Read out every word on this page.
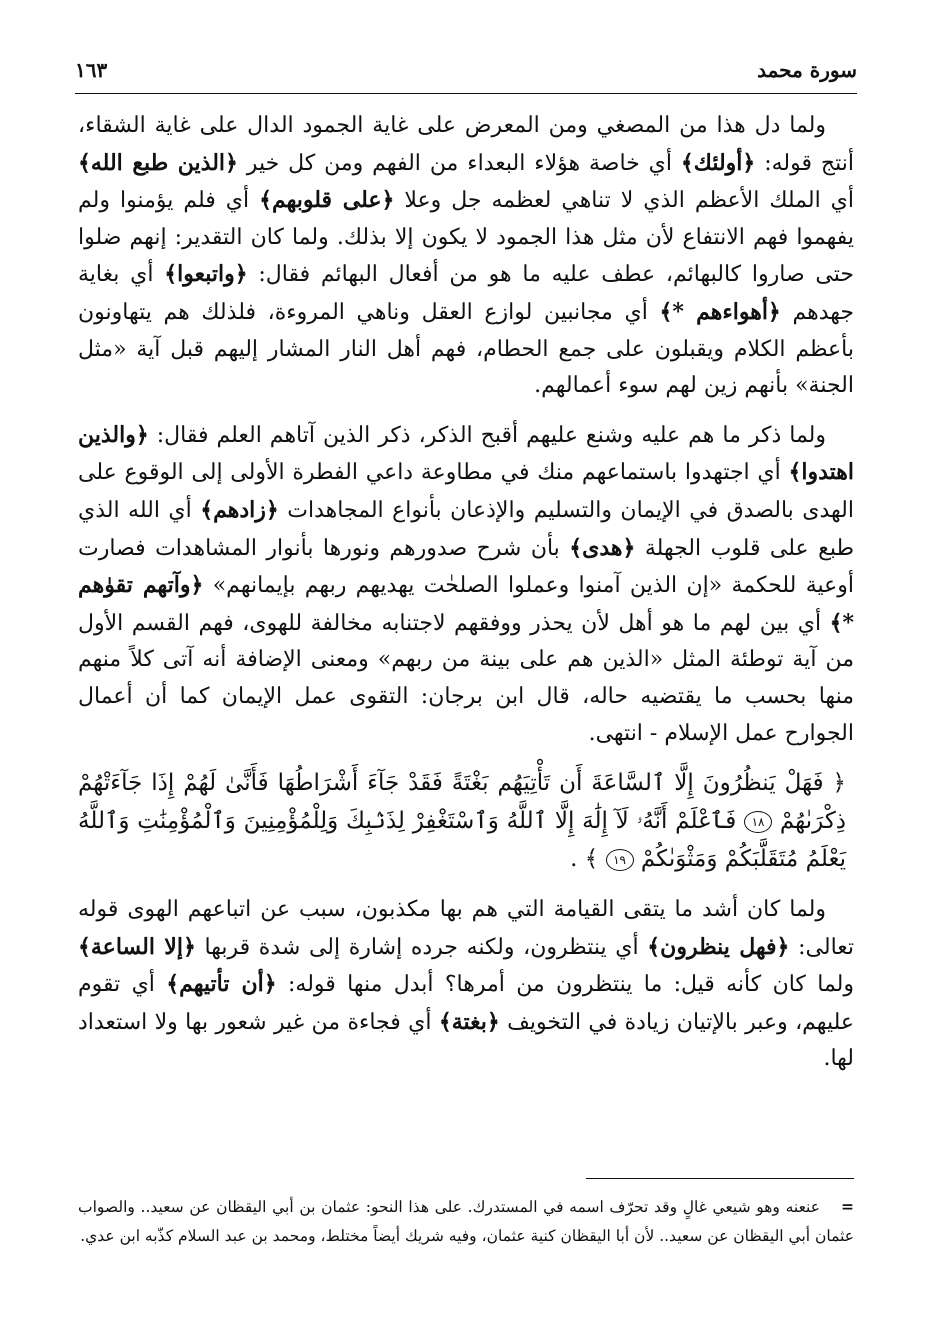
سورة محمد
١٦٣

ولما دل هذا من المصغي ومن المعرض على غاية الجمود الدال على غاية الشقاء، أنتج قوله: ﴿أولئك﴾ أي خاصة هؤلاء البعداء من الفهم ومن كل خير ﴿الذين طبع الله﴾ أي الملك الأعظم الذي لا تناهي لعظمه جل وعلا ﴿على قلوبهم﴾ أي فلم يؤمنوا ولم يفهموا فهم الانتفاع لأن مثل هذا الجمود لا يكون إلا بذلك. ولما كان التقدير: إنهم ضلوا حتى صاروا كالبهائم، عطف عليه ما هو من أفعال البهائم فقال: ﴿واتبعوا﴾ أي بغاية جهدهم ﴿أهواءهم *﴾ أي مجانبين لوازع العقل وناهي المروءة، فلذلك هم يتهاونون بأعظم الكلام ويقبلون على جمع الحطام، فهم أهل النار المشار إليهم قبل آية «مثل الجنة» بأنهم زين لهم سوء أعمالهم.

ولما ذكر ما هم عليه وشنع عليهم أقبح الذكر، ذكر الذين آتاهم العلم فقال: ﴿والذين اهتدوا﴾ أي اجتهدوا باستماعهم منك في مطاوعة داعي الفطرة الأولى إلى الوقوع على الهدى بالصدق في الإيمان والتسليم والإذعان بأنواع المجاهدات ﴿زادهم﴾ أي الله الذي طبع على قلوب الجهلة ﴿هدى﴾ بأن شرح صدورهم ونورها بأنوار المشاهدات فصارت أوعية للحكمة «إن الذين آمنوا وعملوا الصلحٰت يهديهم ربهم بإيمانهم» ﴿وآتهم تقوٰهم *﴾ أي بين لهم ما هو أهل لأن يحذر ووفقهم لاجتنابه مخالفة للهوى، فهم القسم الأول من آية توطئة المثل «الذين هم على بينة من ربهم» ومعنى الإضافة أنه آتى كلاً منهم منها بحسب ما يقتضيه حاله، قال ابن برجان: التقوى عمل الإيمان كما أن أعمال الجوارح عمل الإسلام - انتهى.

﴿ فَهَلْ يَنظُرُونَ إِلَّا ٱلسَّاعَةَ أَن تَأْتِيَهُم بَغْتَةً فَقَدْ جَآءَ أَشْرَاطُهَا فَأَنَّىٰ لَهُمْ إِذَا جَآءَتْهُمْ ذِكْرَىٰهُمْ ١٨ فَٱعْلَمْ أَنَّهُۥ لَآ إِلَٰهَ إِلَّا ٱللَّهُ وَٱسْتَغْفِرْ لِذَنۢبِكَ وَلِلْمُؤْمِنِينَ وَٱلْمُؤْمِنَٰتِ وَٱللَّهُ يَعْلَمُ مُتَقَلَّبَكُمْ وَمَثْوَىٰكُمْ ١٩ ﴾ .

ولما كان أشد ما يتقى القيامة التي هم بها مكذبون، سبب عن اتباعهم الهوى قوله تعالى: ﴿فهل ينظرون﴾ أي ينتظرون، ولكنه جرده إشارة إلى شدة قربها ﴿إلا الساعة﴾ ولما كان كأنه قيل: ما ينتظرون من أمرها؟ أبدل منها قوله: ﴿أن تأتيهم﴾ أي تقوم عليهم، وعبر بالإتيان زيادة في التخويف ﴿بغتة﴾ أي فجاءة من غير شعور بها ولا استعداد لها.

=عنعنه وهو شيعي غالٍ وقد تحرّف اسمه في المستدرك. على هذا النحو: عثمان بن أبي اليقظان عن سعيد.. والصواب عثمان أبي اليقظان عن سعيد.. لأن أبا اليقظان كنية عثمان، وفيه شريك أيضاً مختلط، ومحمد بن عبد السلام كذّبه ابن عدي.
